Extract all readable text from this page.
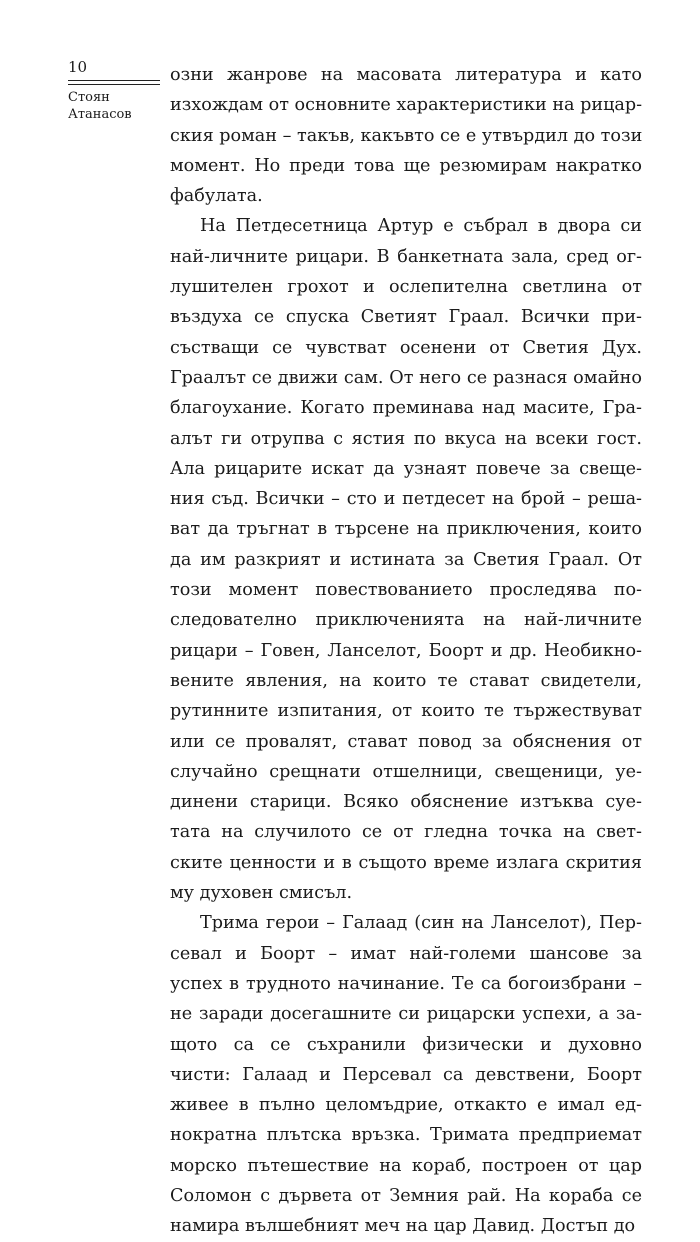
10
Стоян
Атанасов
озни жанрове на масовата литература и като
изхождам от основните характеристики на рицар-
ския роман – такъв, какъвто се е утвърдил до този
момент. Но преди това ще резюмирам накратко
фабулата.
На Петдесетница Артур е събрал в двора си
най-личните рицари. В банкетната зала, сред ог-
лушителен грохот и ослепителна светлина от
въздуха се спуска Светият Граал. Всички при-
състващи се чувстват осенени от Светия Дух.
Граалът се движи сам. От него се разнася омайно
благоухание. Когато преминава над масите, Гра-
алът ги отрупва с ястия по вкуса на всеки гост.
Ала рицарите искат да узнаят повече за свеще-
ния съд. Всички – сто и петдесет на брой – реша-
ват да тръгнат в търсене на приключения, които
да им разкрият и истината за Светия Граал. От
този момент повествованието проследява по-
следователно приключенията на най-личните
рицари – Говен, Ланселот, Боорт и др. Необикно-
вените явления, на които те стават свидетели,
рутинните изпитания, от които те тържествуват
или се провалят, стават повод за обяснения от
случайно срещнати отшелници, свещеници, уе-
динени старици. Всяко обяснение изтъква суе-
тата на случилото се от гледна точка на свет-
ските ценности и в същото време излага скрития
му духовен смисъл.
Трима герои – Галаад (син на Ланселот), Пер-
севал и Боорт – имат най-големи шансове за
успех в трудното начинание. Те са богоизбрани –
не заради досегашните си рицарски успехи, а за-
щото са се съхранили физически и духовно
чисти: Галаад и Персевал са девствени, Боорт
живее в пълно целомъдрие, откакто е имал ед-
нократна плътска връзка. Тримата предприемат
морско пътешествие на кораб, построен от цар
Соломон с дървета от Земния рай. На кораба се
намира вълшебният меч на цар Давид. Достъп до
